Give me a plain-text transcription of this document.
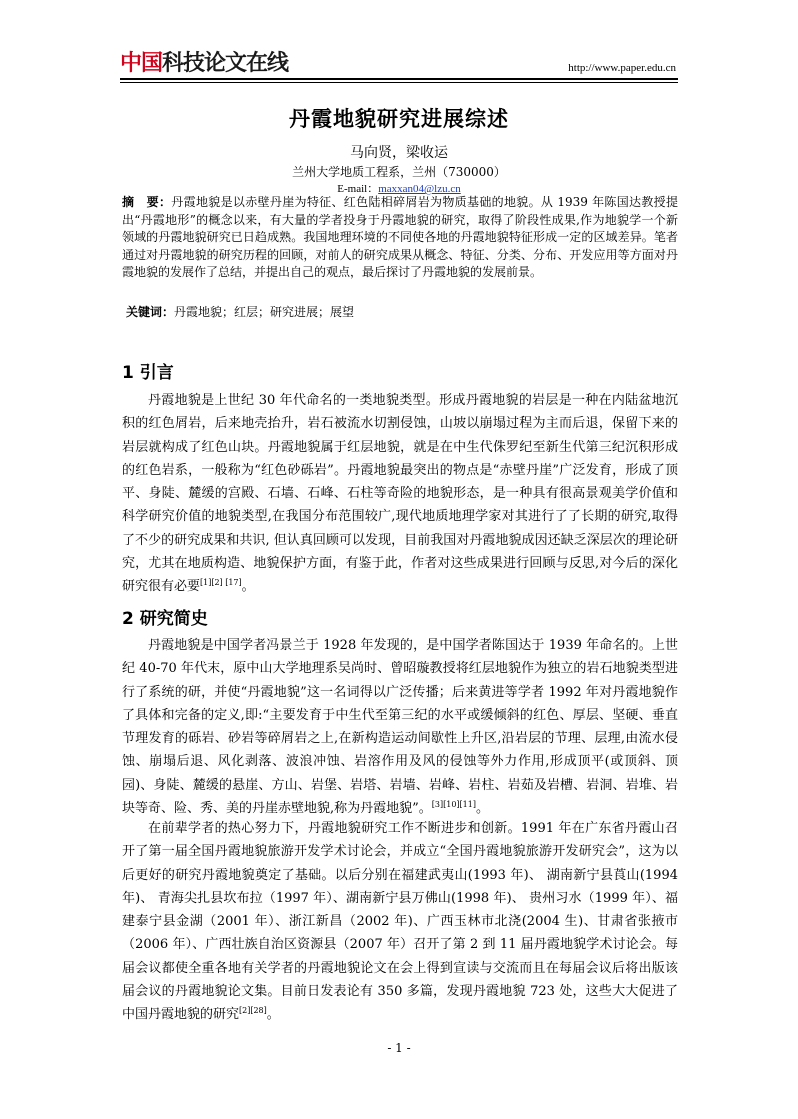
中国科技论文在线	http://www.paper.edu.cn
丹霞地貌研究进展综述
马向贤，梁收运
兰州大学地质工程系，兰州（730000）
E-mail：maxxan04@lzu.cn
摘　要：丹霞地貌是以赤壁丹崖为特征、红色陆相碎屑岩为物质基础的地貌。从 1939 年陈国达教授提出“丹霞地形”的概念以来，有大量的学者投身于丹霞地貌的研究，取得了阶段性成果,作为地貌学一个新领域的丹霞地貌研究已日趋成熟。我国地理环境的不同使各地的丹霞地貌特征形成一定的区域差异。笔者通过对丹霞地貌的研究历程的回顾，对前人的研究成果从概念、特征、分类、分布、开发应用等方面对丹霞地貌的发展作了总结，并提出自己的观点，最后探讨了丹霞地貌的发展前景。
关键词：丹霞地貌；红层；研究进展；展望
1 引言
丹霞地貌是上世纪 30 年代命名的一类地貌类型。形成丹霞地貌的岩层是一种在内陆盆地沉积的红色屑岩，后来地壳抬升，岩石被流水切割侵蚀，山坡以崩塌过程为主而后退，保留下来的岩层就构成了红色山块。丹霞地貌属于红层地貌，就是在中生代侏罗纪至新生代第三纪沉积形成的红色岩系，一般称为“红色砂砾岩”。丹霞地貌最突出的物点是“赤壁丹崖”广泛发育，形成了顶平、身陡、麓缓的宫殿、石墙、石峰、石柱等奇险的地貌形态，是一种具有很高景观美学价值和科学研究价值的地貌类型,在我国分布范围较广,现代地质地理学家对其进行了了长期的研究,取得了不少的研究成果和共识, 但认真回顾可以发现，目前我国对丹霞地貌成因还缺乏深层次的理论研究，尤其在地质构造、地貌保护方面，有鉴于此，作者对这些成果进行回顾与反思,对今后的深化研究很有必要[1][2] [17]。
2 研究简史
丹霞地貌是中国学者冯景兰于 1928 年发现的，是中国学者陈国达于 1939 年命名的。上世纪 40-70 年代末，原中山大学地理系吴尚时、曾昭璇教授将红层地貌作为独立的岩石地貌类型进行了系统的研，并使“丹霞地貌”这一名词得以广泛传播；后来黄进等学者 1992 年对丹霞地貌作了具体和完备的定义,即:“主要发育于中生代至第三纪的水平或缓倾斜的红色、厚层、坚硬、垂直节理发育的砾岩、砂岩等碎屑岩之上,在新构造运动间歇性上升区,沿岩层的节理、层理,由流水侵蚀、崩塌后退、风化剥落、波浪冲蚀、岩溶作用及风的侵蚀等外力作用,形成顶平(或顶斜、顶园)、身陡、麓缓的悬崖、方山、岩堡、岩塔、岩墙、岩峰、岩柱、岩茹及岩槽、岩洞、岩堆、岩块等奇、险、秀、美的丹崖赤壁地貌,称为丹霞地貌”。[3][10][11]。
在前辈学者的热心努力下，丹霞地貌研究工作不断进步和创新。1991 年在广东省丹霞山召开了第一届全国丹霞地貌旅游开发学术讨论会，并成立“全国丹霞地貌旅游开发研究会”，这为以后更好的研究丹霞地貌奠定了基础。以后分别在福建武夷山(1993 年)、 湖南新宁县莨山(1994 年)、 青海尖扎县坎布拉（1997 年）、湖南新宁县万佛山(1998 年)、 贵州习水（1999 年）、福建泰宁县金湖（2001 年）、浙江新昌（2002 年)、广西玉林市北浇(2004 生)、甘肃省张掖市（2006 年）、广西壮族自治区资源县（2007 年）召开了第 2 到 11 届丹霞地貌学术讨论会。每届会议都使全重各地有关学者的丹霞地貌论文在会上得到宣读与交流而且在每届会议后将出版该届会议的丹霞地貌论文集。目前日发表论有 350 多篇，发现丹霞地貌 723 处，这些大大促进了中国丹霞地貌的研究[2][28]。
- 1 -
